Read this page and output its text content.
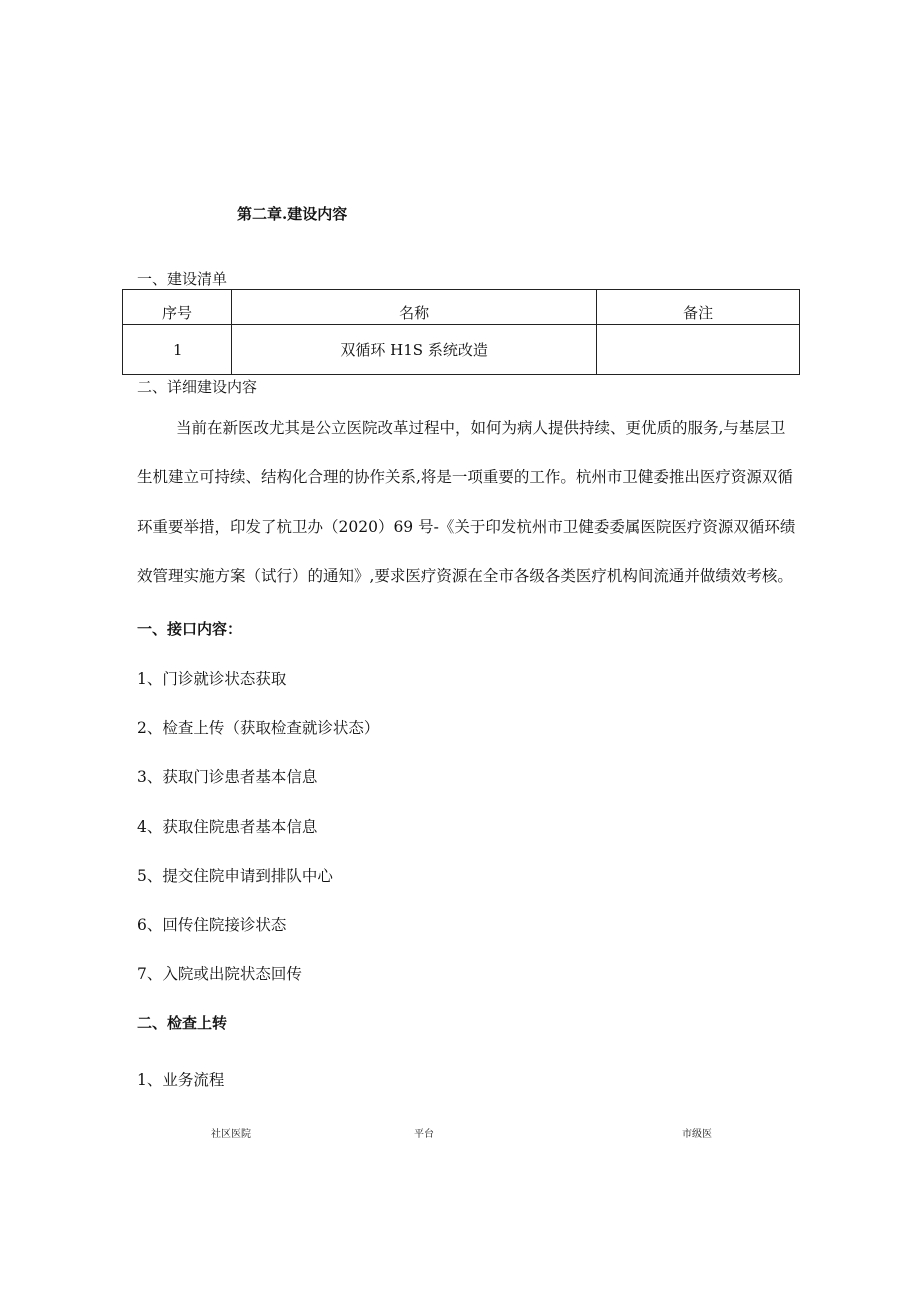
第二章.建设内容
一、建设清单
序号	名称	备注
1	双循环 H1S 系统改造	
二、详细建设内容
当前在新医改尤其是公立医院改革过程中，如何为病人提供持续、更优质的服务,与基层卫
生机建立可持续、结构化合理的协作关系,将是一项重要的工作。杭州市卫健委推出医疗资源双循
环重要举措，印发了杭卫办（2020）69 号-《关于印发杭州市卫健委委属医院医疗资源双循环绩
效管理实施方案（试行）的通知》,要求医疗资源在全市各级各类医疗机构间流通并做绩效考核。
一、接口内容：
1、门诊就诊状态获取
2、检查上传（获取检查就诊状态）
3、获取门诊患者基本信息
4、获取住院患者基本信息
5、提交住院申请到排队中心
6、回传住院接诊状态
7、入院或出院状态回传
二、检查上转
1、业务流程
社区医院	平台	市级医
